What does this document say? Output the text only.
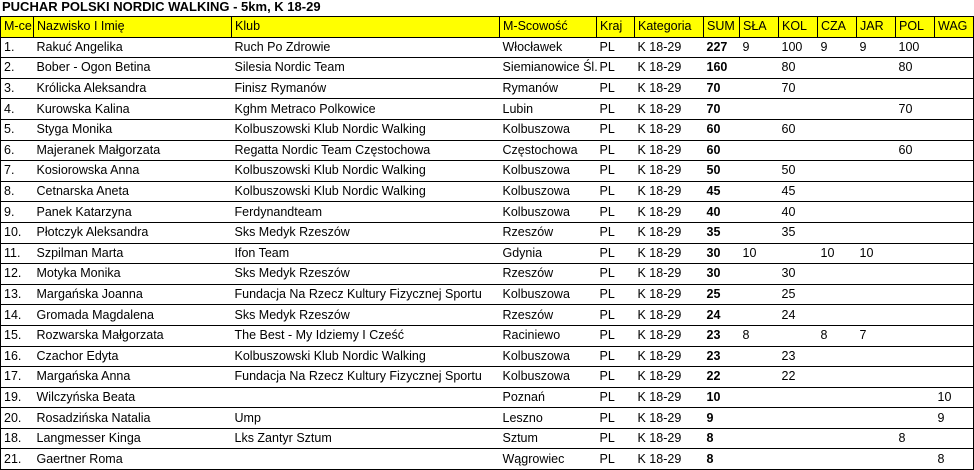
PUCHAR POLSKI NORDIC WALKING - 5km, K 18-29
M-ce	Nazwisko I Imię	Klub	M-Scowość	Kraj	Kategoria	SUM	SŁA	KOL	CZA	JAR	POL	WAG
1.	Rakuć Angelika	Ruch Po Zdrowie	Włocławek	PL	K 18-29	227	9	100	9	9	100	
2.	Bober - Ogon Betina	Silesia Nordic Team	Siemianowice Śl.	PL	K 18-29	160		80			80	
3.	Królicka Aleksandra	Finisz Rymanów	Rymanów	PL	K 18-29	70		70				
4.	Kurowska Kalina	Kghm Metraco Polkowice	Lubin	PL	K 18-29	70					70	
5.	Styga Monika	Kolbuszowski Klub Nordic Walking	Kolbuszowa	PL	K 18-29	60		60				
6.	Majeranek Małgorzata	Regatta Nordic Team Częstochowa	Częstochowa	PL	K 18-29	60					60	
7.	Kosiorowska Anna	Kolbuszowski Klub Nordic Walking	Kolbuszowa	PL	K 18-29	50		50				
8.	Cetnarska Aneta	Kolbuszowski Klub Nordic Walking	Kolbuszowa	PL	K 18-29	45		45				
9.	Panek Katarzyna	Ferdynandteam	Kolbuszowa	PL	K 18-29	40		40				
10.	Płotczyk Aleksandra	Sks Medyk Rzeszów	Rzeszów	PL	K 18-29	35		35				
11.	Szpilman Marta	Ifon Team	Gdynia	PL	K 18-29	30	10		10	10		
12.	Motyka Monika	Sks Medyk Rzeszów	Rzeszów	PL	K 18-29	30		30				
13.	Margańska Joanna	Fundacja Na Rzecz Kultury Fizycznej Sportu	Kolbuszowa	PL	K 18-29	25		25				
14.	Gromada Magdalena	Sks Medyk Rzeszów	Rzeszów	PL	K 18-29	24		24				
15.	Rozwarska Małgorzata	The Best - My Idziemy I Cześć	Raciniewo	PL	K 18-29	23	8		8	7		
16.	Czachor Edyta	Kolbuszowski Klub Nordic Walking	Kolbuszowa	PL	K 18-29	23		23				
17.	Margańska Anna	Fundacja Na Rzecz Kultury Fizycznej Sportu	Kolbuszowa	PL	K 18-29	22		22				
19.	Wilczyńska Beata		Poznań	PL	K 18-29	10						10
20.	Rosadzińska Natalia	Ump	Leszno	PL	K 18-29	9						9
18.	Langmesser Kinga	Lks Zantyr Sztum	Sztum	PL	K 18-29	8					8	
21.	Gaertner Roma		Wągrowiec	PL	K 18-29	8						8
